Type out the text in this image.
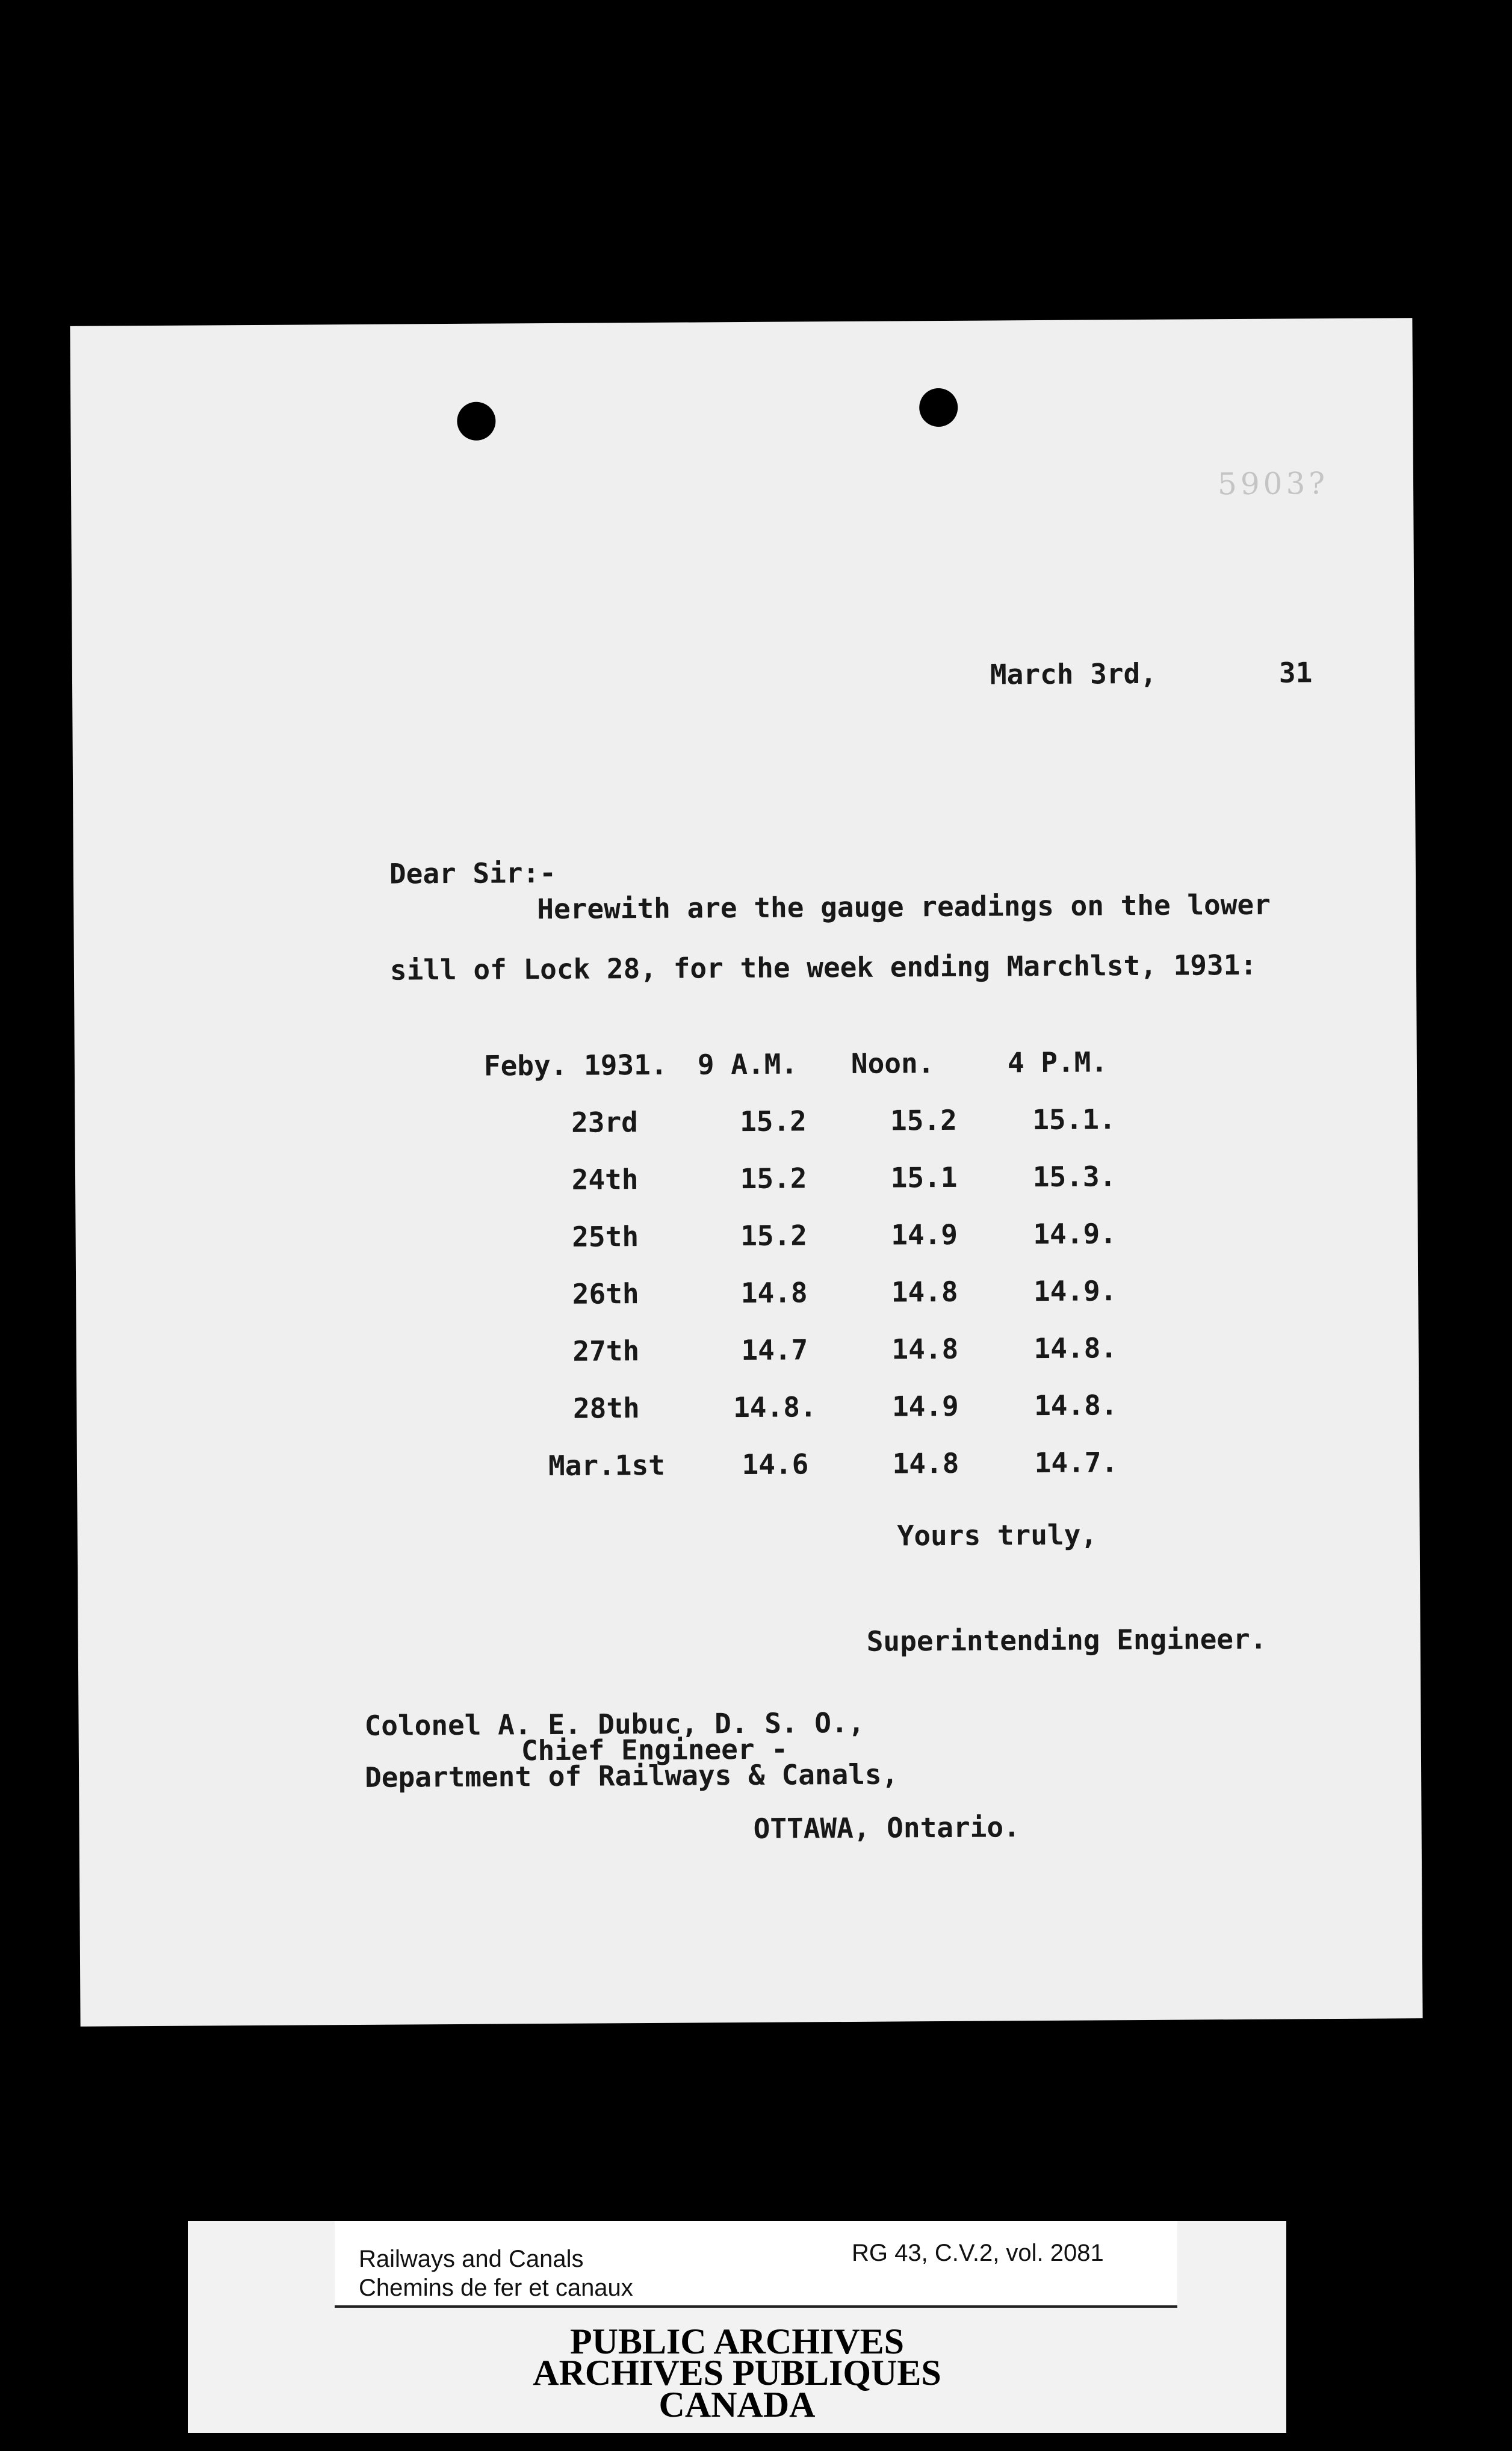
5903?
March 3rd,	31
Dear Sir:-
Herewith are the gauge readings on the lower
sill of Lock 28, for the week ending Marchlst, 1931:
Feby. 1931. 9 A.M. Noon.	4 P.M.
23rd	15.2	15.2	15.1.
24th	15.2	15.1	15.3.
25th	15.2	14.9	14.9.
26th	14.8	14.8	14.9.
27th	14.7	14.8	14.8.
28th	14.8.	14.9	14.8.
Mar.1st	14.6	14.8	14.7.
Yours truly,
Superintending Engineer.
Colonel A. E. Dubuc, D. S. O.,
Chief Engineer -
Department of Railways & Canals,
OTTAWA, Ontario.
Railways and Canals
Chemins de fer et canaux
RG 43, C.V.2, vol. 2081
PUBLIC ARCHIVES
ARCHIVES PUBLIQUES
CANADA
